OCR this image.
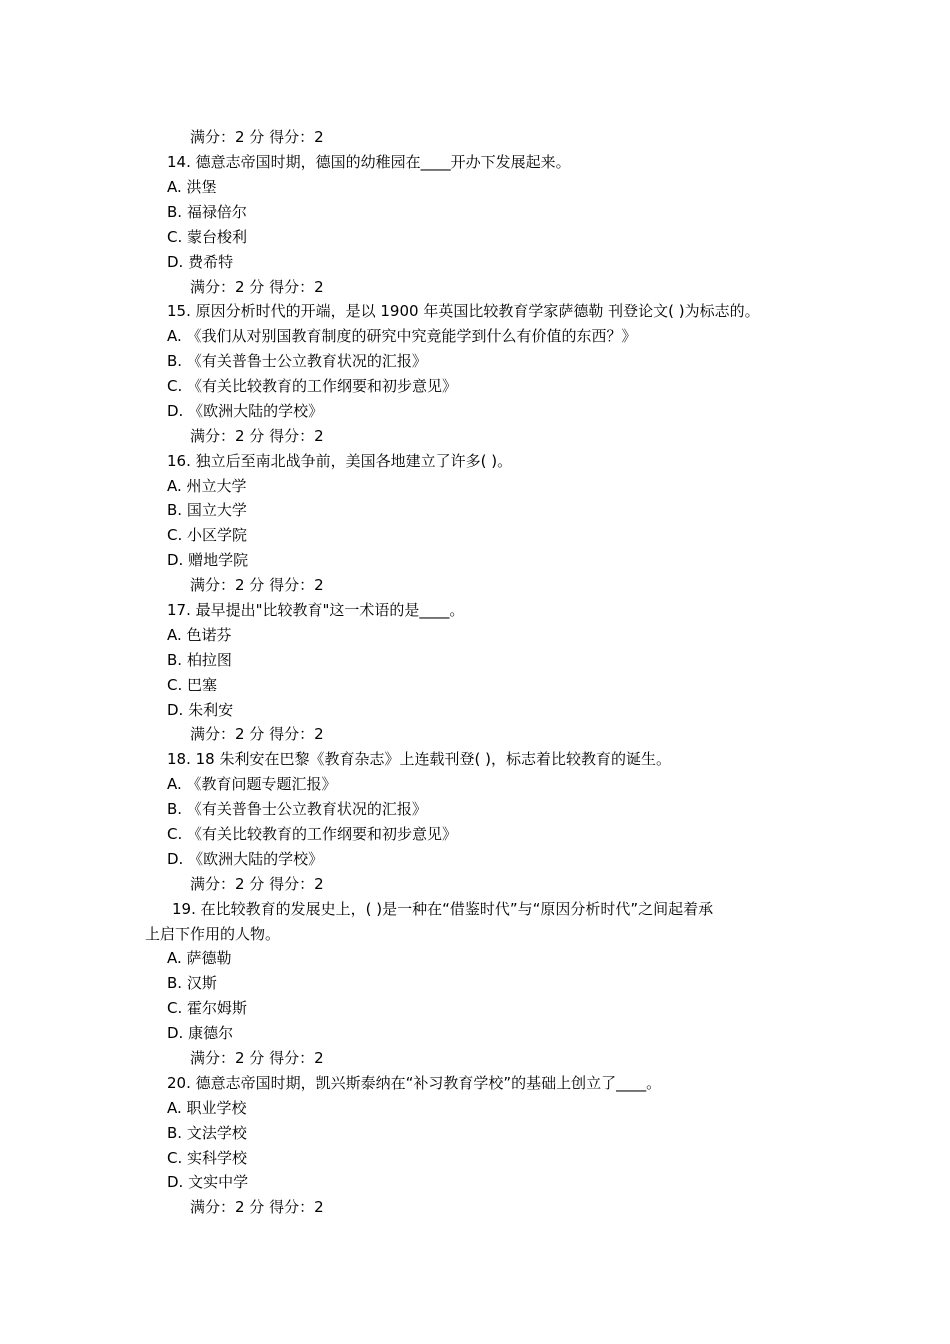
满分：2 分 得分：2
14. 德意志帝国时期，德国的幼稚园在____开办下发展起来。
A. 洪堡
B. 福禄倍尔
C. 蒙台梭利
D. 费希特
满分：2 分 得分：2
15. 原因分析时代的开端，是以 1900 年英国比较教育学家萨德勒 刊登论文( )为标志的。
A. 《我们从对别国教育制度的研究中究竟能学到什么有价值的东西？》
B. 《有关普鲁士公立教育状况的汇报》
C. 《有关比较教育的工作纲要和初步意见》
D. 《欧洲大陆的学校》
满分：2 分 得分：2
16. 独立后至南北战争前，美国各地建立了许多( )。
A. 州立大学
B. 国立大学
C. 小区学院
D. 赠地学院
满分：2 分 得分：2
17. 最早提出"比较教育"这一术语的是____。
A. 色诺芬
B. 柏拉图
C. 巴塞
D. 朱利安
满分：2 分 得分：2
18. 18 朱利安在巴黎《教育杂志》上连载刊登( )，标志着比较教育的诞生。
A. 《教育问题专题汇报》
B. 《有关普鲁士公立教育状况的汇报》
C. 《有关比较教育的工作纲要和初步意见》
D. 《欧洲大陆的学校》
满分：2 分 得分：2
19. 在比较教育的发展史上，( )是一种在“借鉴时代”与“原因分析时代”之间起着承
上启下作用的人物。
A. 萨德勒
B. 汉斯
C. 霍尔姆斯
D. 康德尔
满分：2 分 得分：2
20. 德意志帝国时期，凯兴斯泰纳在“补习教育学校”的基础上创立了____。
A. 职业学校
B. 文法学校
C. 实科学校
D. 文实中学
满分：2 分 得分：2
